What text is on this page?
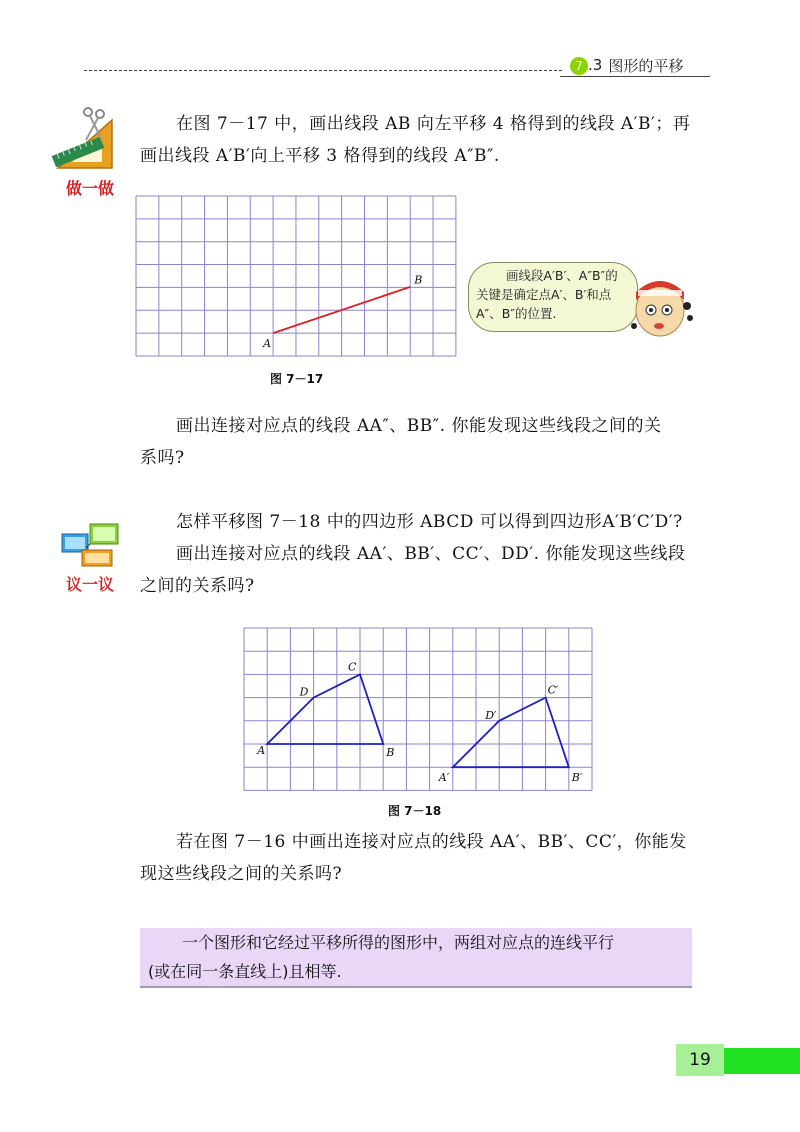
7 .3 图形的平移
做一做
在图 7－17 中，画出线段 AB 向左平移 4 格得到的线段 A′B′；再
画出线段 A′B′向上平移 3 格得到的线段 A″B″.
A
B
图 7－17
画线段A′B′、A″B″的
关键是确定点A′、B′和点
A″、B″的位置.
画出连接对应点的线段 AA″、BB″. 你能发现这些线段之间的关
系吗?
议一议
怎样平移图 7－18 中的四边形 ABCD 可以得到四边形A′B′C′D′?
画出连接对应点的线段 AA′、BB′、CC′、DD′. 你能发现这些线段
之间的关系吗?
A	B
C
D
A′	B′
C′
D′
图 7－18
若在图 7－16 中画出连接对应点的线段 AA′、BB′、CC′，你能发
现这些线段之间的关系吗?
一个图形和它经过平移所得的图形中，两组对应点的连线平行
(或在同一条直线上)且相等.
19
